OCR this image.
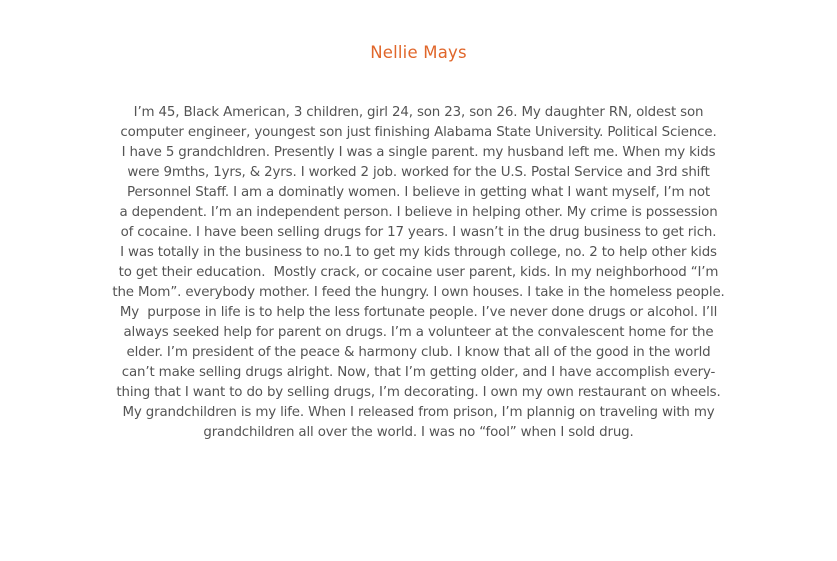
Nellie Mays
I’m 45, Black American, 3 children, girl 24, son 23, son 26. My daughter RN, oldest son
computer engineer, youngest son just finishing Alabama State University. Political Science.
I have 5 grandchldren. Presently I was a single parent. my husband left me. When my kids
were 9mths, 1yrs, & 2yrs. I worked 2 job. worked for the U.S. Postal Service and 3rd shift
Personnel Staff. I am a dominatly women. I believe in getting what I want myself, I’m not
a dependent. I’m an independent person. I believe in helping other. My crime is possession
of cocaine. I have been selling drugs for 17 years. I wasn’t in the drug business to get rich.
I was totally in the business to no.1 to get my kids through college, no. 2 to help other kids
to get their education.  Mostly crack, or cocaine user parent, kids. In my neighborhood “I’m
the Mom”. everybody mother. I feed the hungry. I own houses. I take in the homeless people.
My  purpose in life is to help the less fortunate people. I’ve never done drugs or alcohol. I’ll
always seeked help for parent on drugs. I’m a volunteer at the convalescent home for the
elder. I’m president of the peace & harmony club. I know that all of the good in the world
can’t make selling drugs alright. Now, that I’m getting older, and I have accomplish every-
thing that I want to do by selling drugs, I’m decorating. I own my own restaurant on wheels.
My grandchildren is my life. When I released from prison, I’m plannig on traveling with my
grandchildren all over the world. I was no “fool” when I sold drug.
